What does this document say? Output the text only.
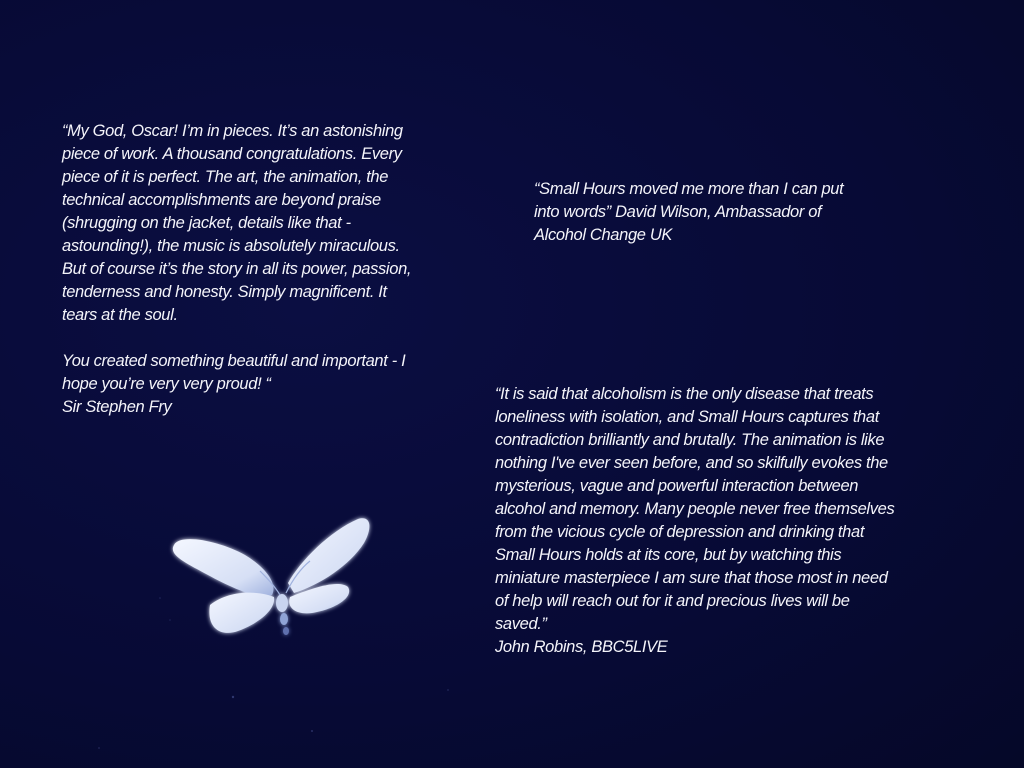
“My God, Oscar! I’m in pieces. It’s an astonishing
piece of work. A thousand congratulations. Every
piece of it is perfect. The art, the animation, the
technical accomplishments are beyond praise
(shrugging on the jacket, details like that -
astounding!), the music is absolutely miraculous.
But of course it’s the story in all its power, passion,
tenderness and honesty. Simply magnificent. It
tears at the soul.

You created something beautiful and important - I
hope you’re very very proud! “

Sir Stephen Fry

“Small Hours moved me more than I can put
into words” David Wilson, Ambassador of
Alcohol Change UK

“It is said that alcoholism is the only disease that treats
loneliness with isolation, and Small Hours captures that
contradiction brilliantly and brutally. The animation is like
nothing I've ever seen before, and so skilfully evokes the
mysterious, vague and powerful interaction between
alcohol and memory. Many people never free themselves
from the vicious cycle of depression and drinking that
Small Hours holds at its core, but by watching this
miniature masterpiece I am sure that those most in need
of help will reach out for it and precious lives will be
saved.”

John Robins, BBC5LIVE
